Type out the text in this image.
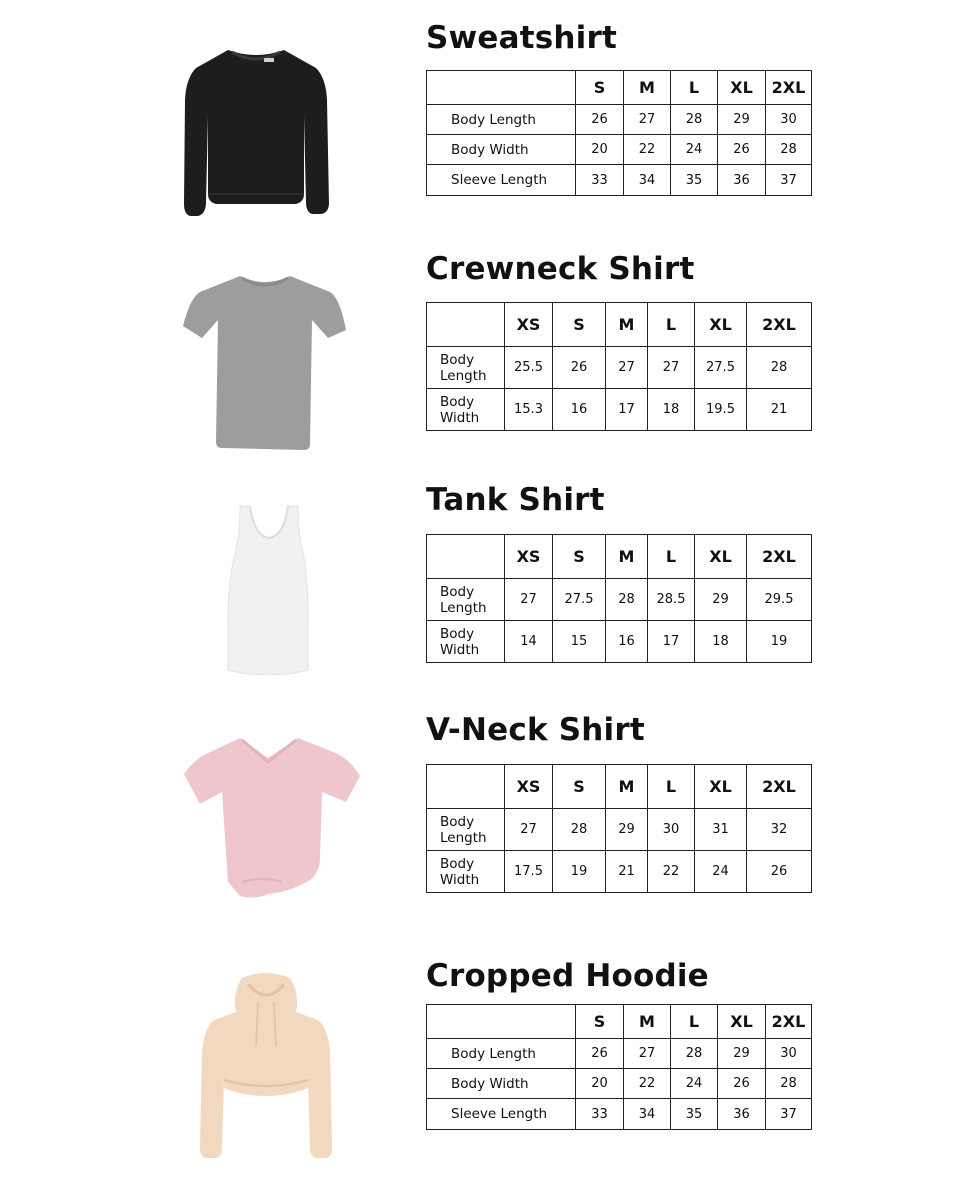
Sweatshirt
	S	M	L	XL	2XL
Body Length	26	27	28	29	30
Body Width	20	22	24	26	28
Sleeve Length	33	34	35	36	37
Crewneck Shirt
	XS	S	M	L	XL	2XL

Body
Length	25.5	26	27	27	27.5	28

Body
Width	15.3	16	17	18	19.5	21
Tank Shirt
	XS	S	M	L	XL	2XL

Body
Length	27	27.5	28	28.5	29	29.5

Body
Width	14	15	16	17	18	19
V-Neck Shirt
	XS	S	M	L	XL	2XL

Body
Length	27	28	29	30	31	32

Body
Width	17.5	19	21	22	24	26
Cropped Hoodie
	S	M	L	XL	2XL
Body Length	26	27	28	29	30
Body Width	20	22	24	26	28
Sleeve Length	33	34	35	36	37
